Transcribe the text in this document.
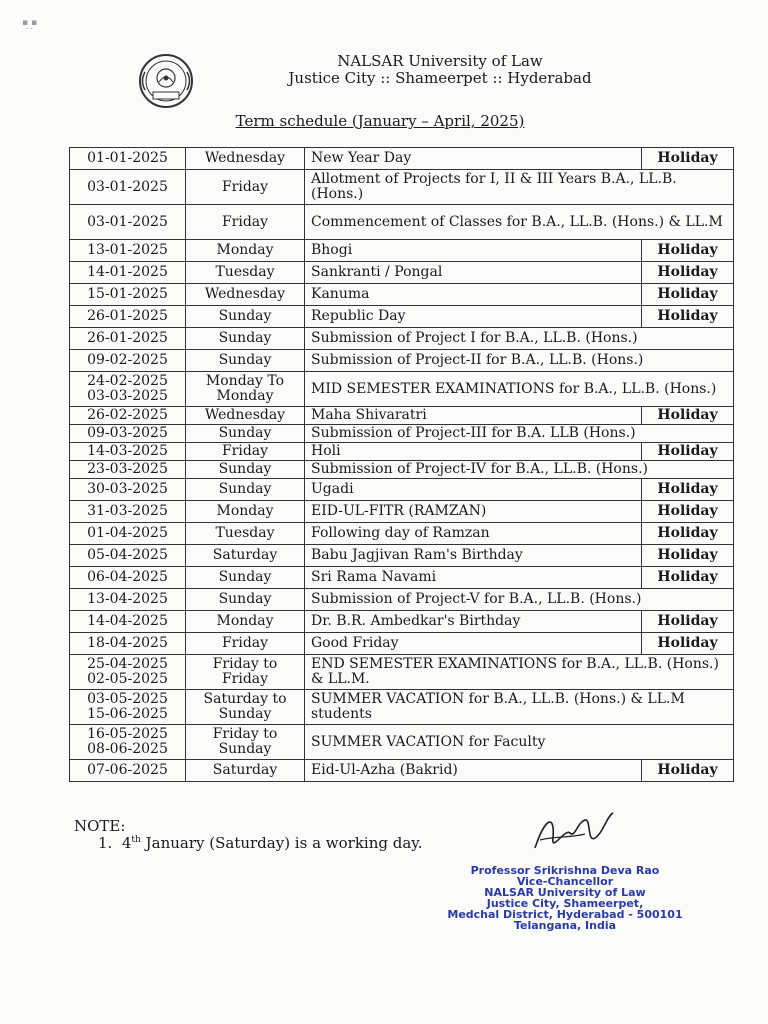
▪ ▪
˙˙
NALSAR University of Law
Justice City :: Shameerpet :: Hyderabad
Term schedule (January – April, 2025)
01-01-2025	Wednesday	New Year Day	Holiday
03-01-2025	Friday	Allotment of Projects for I, II & III Years B.A., LL.B. (Hons.)	
03-01-2025	Friday	Commencement of Classes for B.A., LL.B. (Hons.) & LL.M	
13-01-2025	Monday	Bhogi	Holiday
14-01-2025	Tuesday	Sankranti / Pongal	Holiday
15-01-2025	Wednesday	Kanuma	Holiday
26-01-2025	Sunday	Republic Day	Holiday
26-01-2025	Sunday	Submission of Project I for B.A., LL.B. (Hons.)	
09-02-2025	Sunday	Submission of Project-II for B.A., LL.B. (Hons.)	
24-02-2025 03-03-2025	Monday To Monday	MID SEMESTER EXAMINATIONS for B.A., LL.B. (Hons.)	
26-02-2025	Wednesday	Maha Shivaratri	Holiday
09-03-2025	Sunday	Submission of Project-III for B.A. LLB (Hons.)	
14-03-2025	Friday	Holi	Holiday
23-03-2025	Sunday	Submission of Project-IV for B.A., LL.B. (Hons.)	
30-03-2025	Sunday	Ugadi	Holiday
31-03-2025	Monday	EID-UL-FITR (RAMZAN)	Holiday
01-04-2025	Tuesday	Following day of Ramzan	Holiday
05-04-2025	Saturday	Babu Jagjivan Ram's Birthday	Holiday
06-04-2025	Sunday	Sri Rama Navami	Holiday
13-04-2025	Sunday	Submission of Project-V for B.A., LL.B. (Hons.)	
14-04-2025	Monday	Dr. B.R. Ambedkar's Birthday	Holiday
18-04-2025	Friday	Good Friday	Holiday
25-04-2025 02-05-2025	Friday to Friday	END SEMESTER EXAMINATIONS for B.A., LL.B. (Hons.) & LL.M.	
03-05-2025 15-06-2025	Saturday to Sunday	SUMMER VACATION for B.A., LL.B. (Hons.) & LL.M students	
16-05-2025 08-06-2025	Friday to Sunday	SUMMER VACATION for Faculty	
07-06-2025	Saturday	Eid-Ul-Azha (Bakrid)	Holiday
NOTE:
1. 4th January (Saturday) is a working day.
Professor Srikrishna Deva Rao
Vice-Chancellor
NALSAR University of Law
Justice City, Shameerpet,
Medchal District, Hyderabad - 500101
Telangana, India
